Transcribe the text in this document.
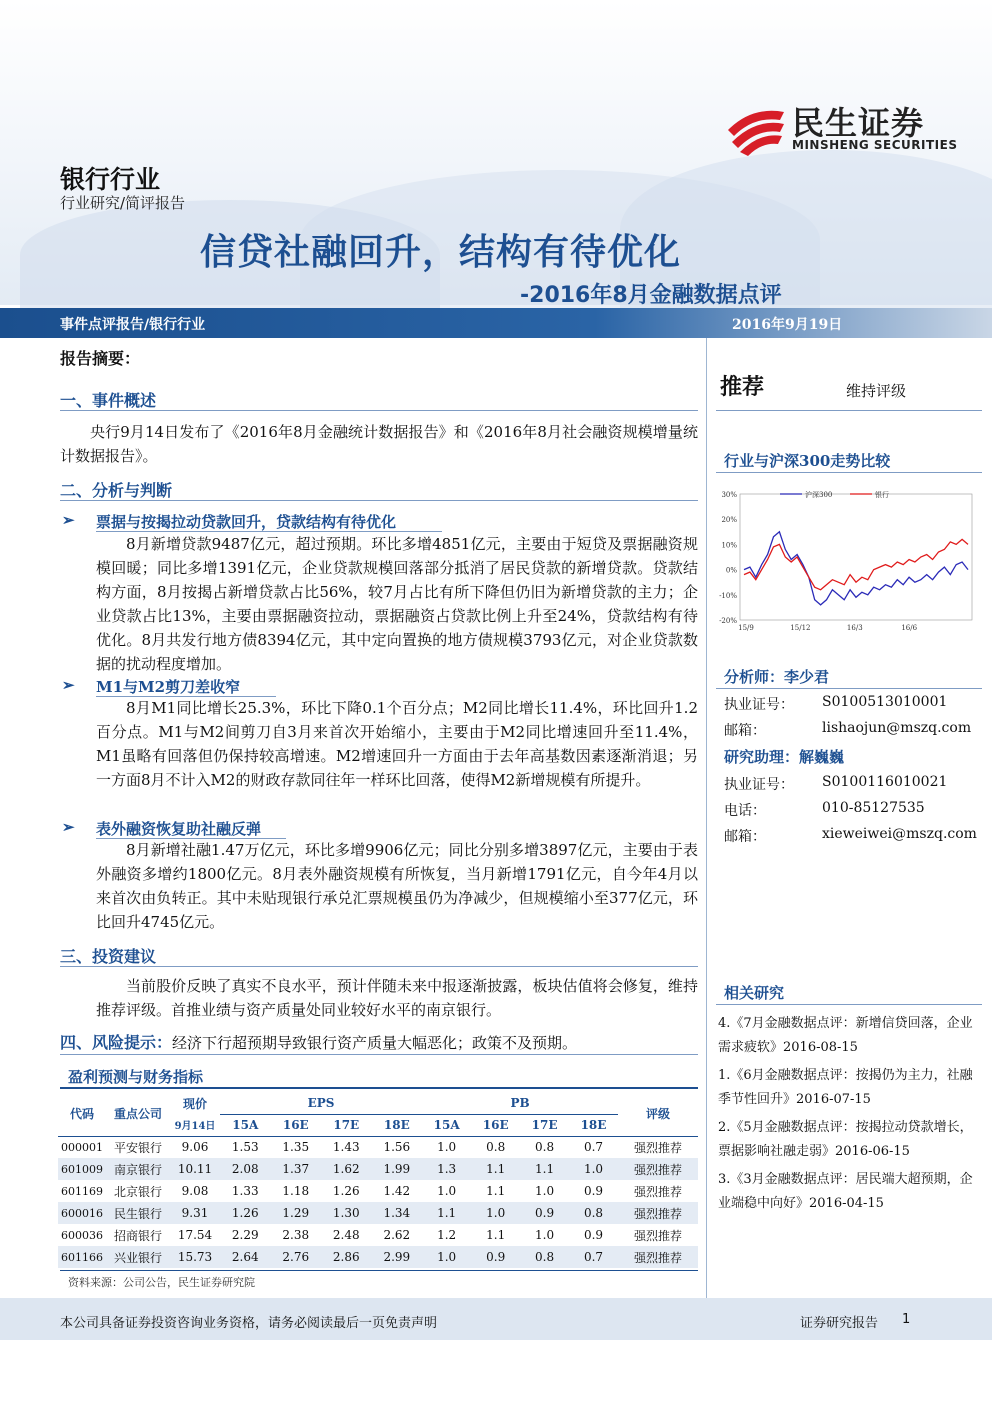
民生证券
MINSHENG SECURITIES
银行行业
行业研究/简评报告
信贷社融回升，结构有待优化
-2016年8月金融数据点评
事件点评报告/银行行业	2016年9月19日
报告摘要：
一、事件概述
央行9月14日发布了《2016年8月金融统计数据报告》和《2016年8月社会融资规模增量统计数据报告》。
二、分析与判断
➢ 票据与按揭拉动贷款回升，贷款结构有待优化
8月新增贷款9487亿元，超过预期。环比多增4851亿元，主要由于短贷及票据融资规模回暖；同比多增1391亿元，企业贷款规模回落部分抵消了居民贷款的新增贷款。贷款结构方面，8月按揭占新增贷款占比56%，较7月占比有所下降但仍旧为新增贷款的主力；企业贷款占比13%，主要由票据融资拉动，票据融资占贷款比例上升至24%，贷款结构有待优化。8月共发行地方债8394亿元，其中定向置换的地方债规模3793亿元，对企业贷款数据的扰动程度增加。
➢ M1与M2剪刀差收窄
8月M1同比增长25.3%，环比下降0.1个百分点；M2同比增长11.4%，环比回升1.2百分点。M1与M2间剪刀自3月来首次开始缩小，主要由于M2同比增速回升至11.4%，M1虽略有回落但仍保持较高增速。M2增速回升一方面由于去年高基数因素逐渐消退；另一方面8月不计入M2的财政存款同往年一样环比回落，使得M2新增规模有所提升。
➢ 表外融资恢复助社融反弹
8月新增社融1.47万亿元，环比多增9906亿元；同比分别多增3897亿元，主要由于表外融资多增约1800亿元。8月表外融资规模有所恢复，当月新增1791亿元，自今年4月以来首次由负转正。其中未贴现银行承兑汇票规模虽仍为净减少，但规模缩小至377亿元，环比回升4745亿元。
三、投资建议
当前股价反映了真实不良水平，预计伴随未来中报逐渐披露，板块估值将会修复，维持推荐评级。首推业绩与资产质量处同业较好水平的南京银行。
四、风险提示：经济下行超预期导致银行资产质量大幅恶化；政策不及预期。
盈利预测与财务指标
代码	重点公司	现价	EPS				PB				评级
		9月14日	15A	16E	17E	18E	15A	16E	17E	18E	
000001	平安银行	9.06	1.53	1.35	1.43	1.56	1.0	0.8	0.8	0.7	强烈推荐
601009	南京银行	10.11	2.08	1.37	1.62	1.99	1.3	1.1	1.1	1.0	强烈推荐
601169	北京银行	9.08	1.33	1.18	1.26	1.42	1.0	1.1	1.0	0.9	强烈推荐
600016	民生银行	9.31	1.26	1.29	1.30	1.34	1.1	1.0	0.9	0.8	强烈推荐
600036	招商银行	17.54	2.29	2.38	2.48	2.62	1.2	1.1	1.0	0.9	强烈推荐
601166	兴业银行	15.73	2.64	2.76	2.86	2.99	1.0	0.9	0.8	0.7	强烈推荐
资料来源：公司公告，民生证券研究院
推荐	维持评级
行业与沪深300走势比较
30%
20%
10%
0%
-10%
-20%
15/9	15/12	16/3	16/6
沪深300	银行
分析师：李少君
执业证号： S0100513010001
邮箱：	lishaojun@mszq.com
研究助理：解巍巍
执业证号： S0100116010021
电话：	010-85127535
邮箱：	xieweiwei@mszq.com
相关研究
4.《7月金融数据点评：新增信贷回落，企业需求疲软》2016-08-15
1.《6月金融数据点评：按揭仍为主力，社融季节性回升》2016-07-15
2.《5月金融数据点评：按揭拉动贷款增长，票据影响社融走弱》2016-06-15
3.《3月金融数据点评：居民端大超预期，企业端稳中向好》2016-04-15
本公司具备证券投资咨询业务资格，请务必阅读最后一页免责声明	证券研究报告 1
